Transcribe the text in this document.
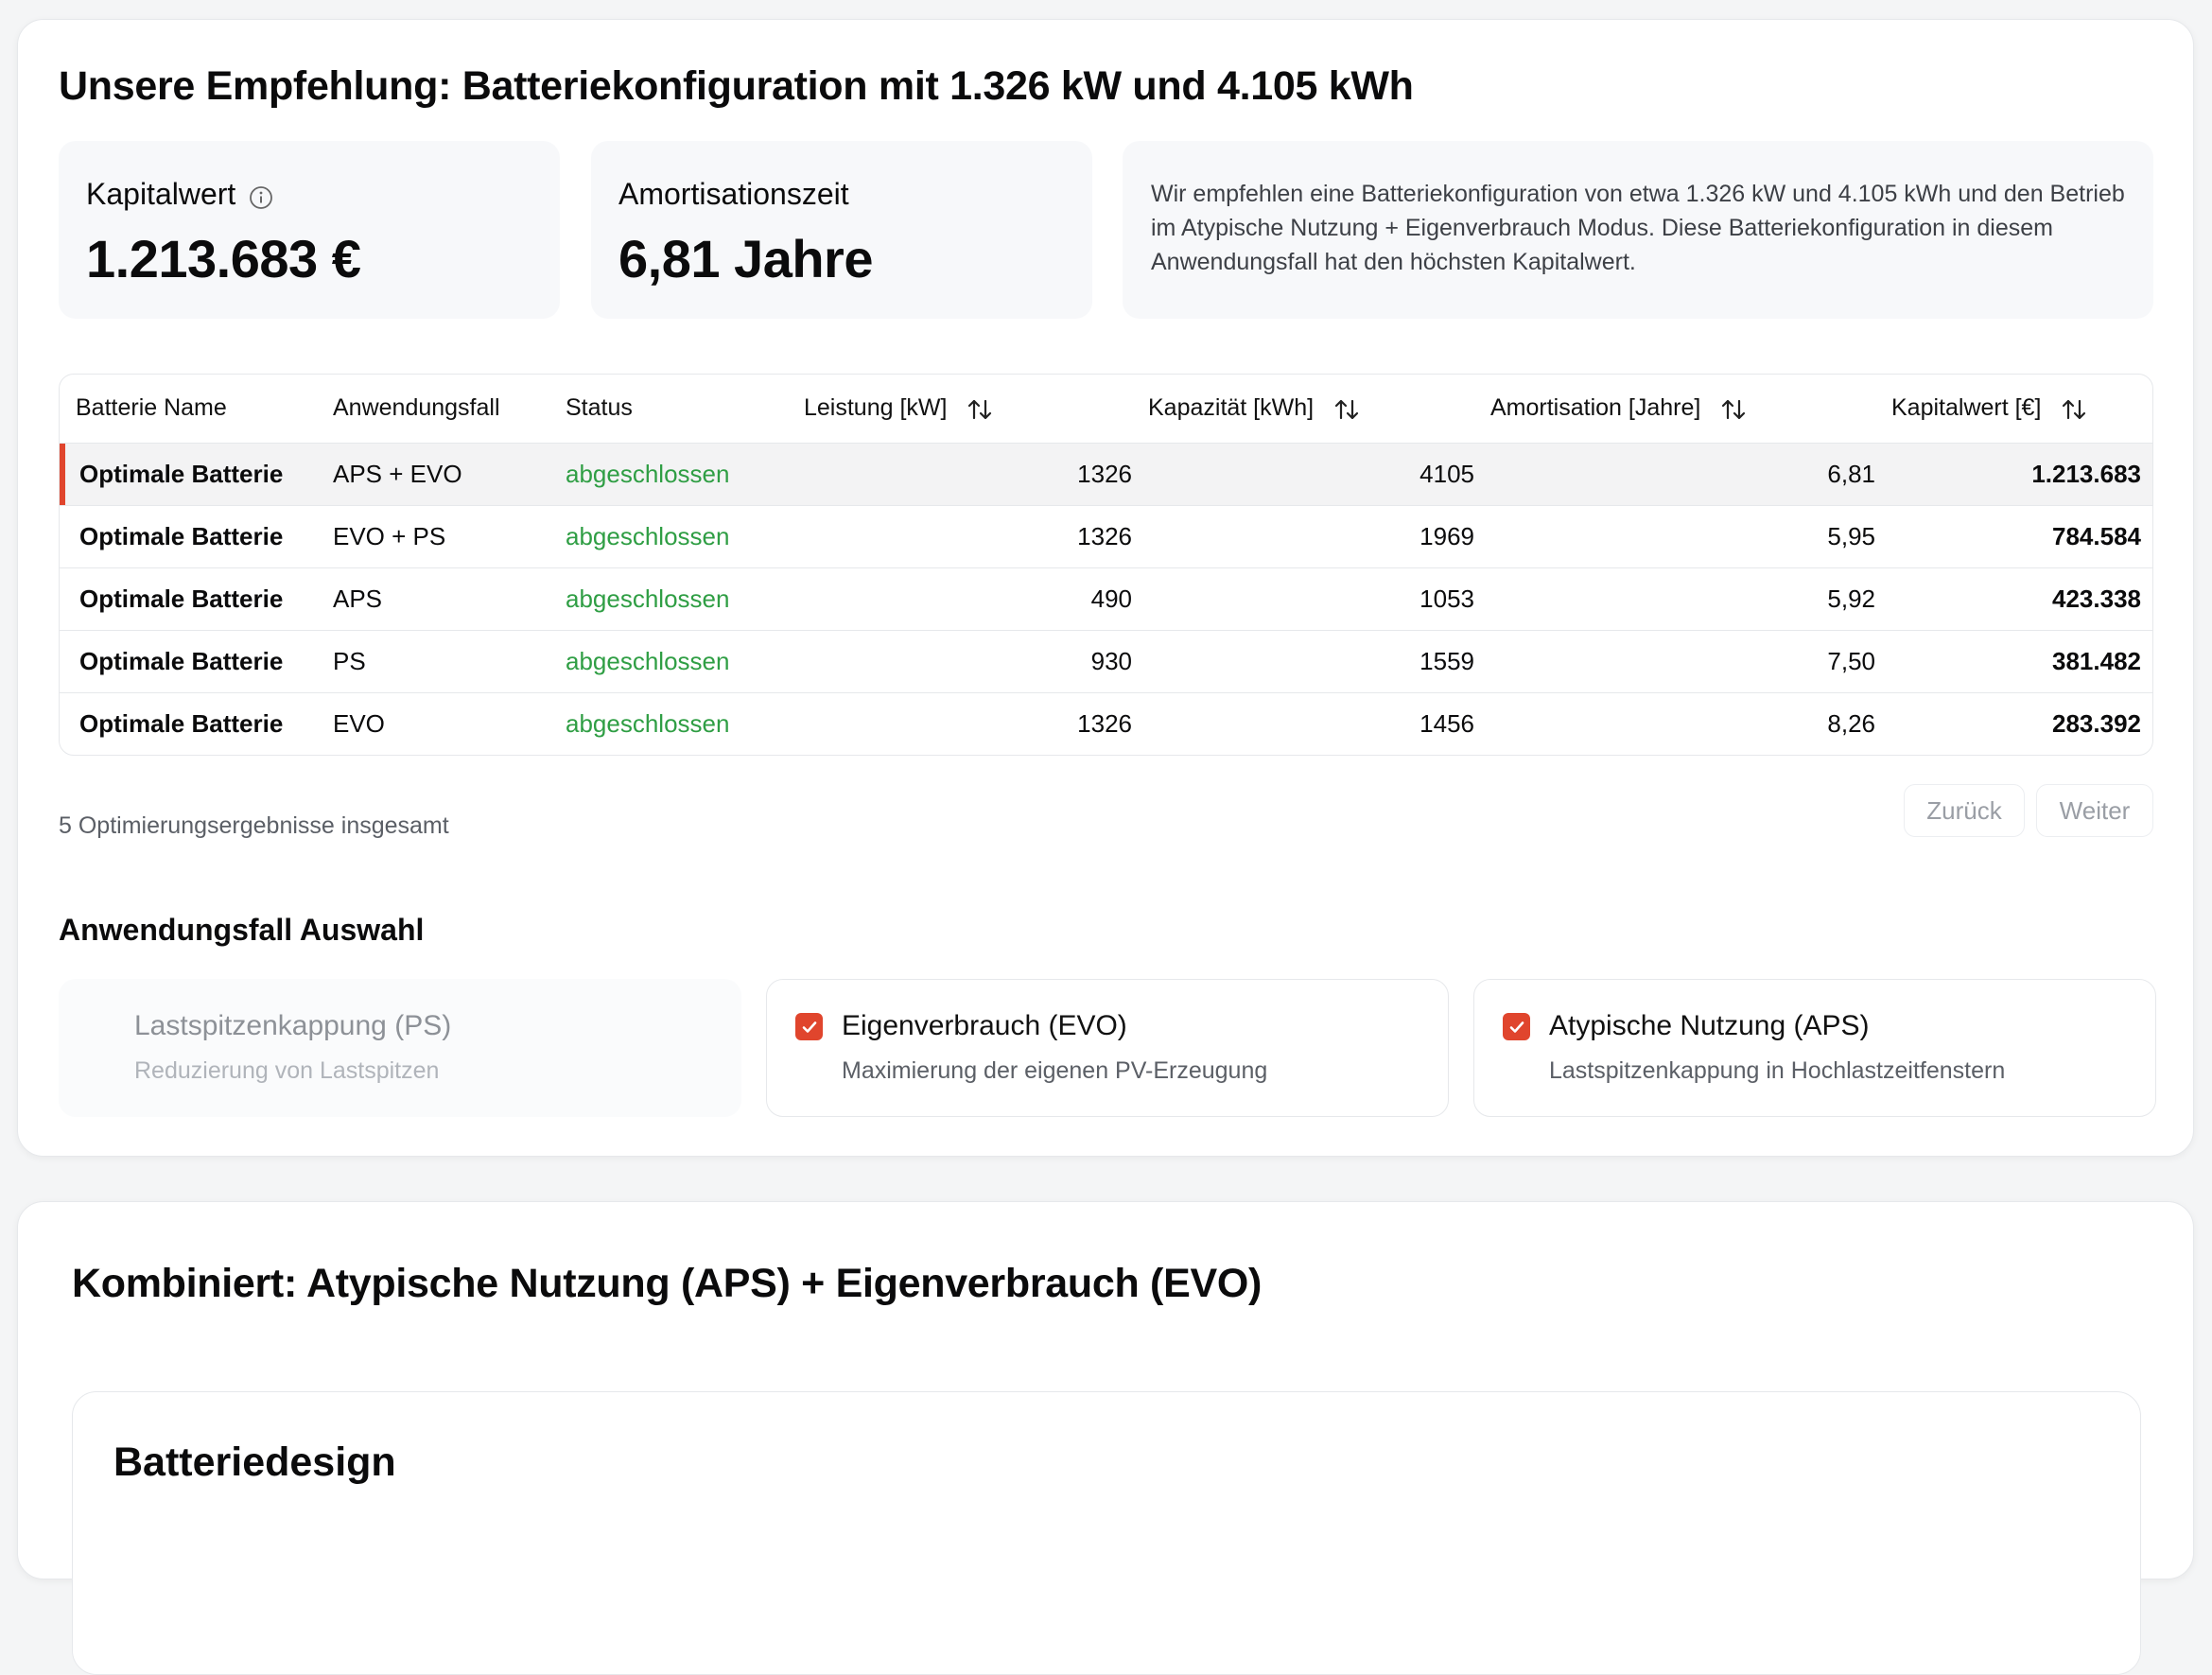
Unsere Empfehlung: Batteriekonfiguration mit 1.326 kW und 4.105 kWh
Kapitalwert
1.213.683 €
Amortisationszeit
6,81 Jahre
Wir empfehlen eine Batteriekonfiguration von etwa 1.326 kW und 4.105 kWh und den Betrieb im Atypische Nutzung + Eigenverbrauch Modus. Diese Batteriekonfiguration in diesem Anwendungsfall hat den höchsten Kapitalwert.
Batterie Name	Anwendungsfall	Status	Leistung [kW]	Kapazität [kWh]	Amortisation [Jahre]	Kapitalwert [€]

Optimale Batterie	APS + EVO	abgeschlossen	1326	4105	6,81	1.213.683
Optimale Batterie	EVO + PS	abgeschlossen	1326	1969	5,95	784.584
Optimale Batterie	APS	abgeschlossen	490	1053	5,92	423.338
Optimale Batterie	PS	abgeschlossen	930	1559	7,50	381.482
Optimale Batterie	EVO	abgeschlossen	1326	1456	8,26	283.392
5 Optimierungsergebnisse insgesamt
Zurück	Weiter
Anwendungsfall Auswahl
Lastspitzenkappung (PS)
Reduzierung von Lastspitzen
Eigenverbrauch (EVO)
Maximierung der eigenen PV-Erzeugung
Atypische Nutzung (APS)
Lastspitzenkappung in Hochlastzeitfenstern
Kombiniert: Atypische Nutzung (APS) + Eigenverbrauch (EVO)
Batteriedesign
